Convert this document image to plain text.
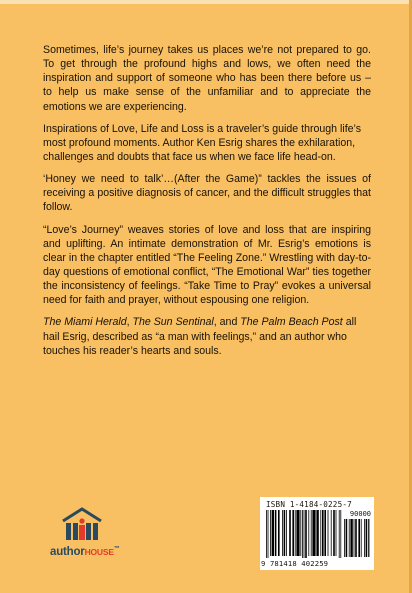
Sometimes, life’s journey takes us places we’re not prepared to go. To get through the profound highs and lows, we often need the inspiration and support of someone who has been there before us – to help us make sense of the unfamiliar and to appreciate the emotions we are experiencing.

Inspirations of Love, Life and Loss is a traveler’s guide through life’s most profound moments. Author Ken Esrig shares the exhilaration, challenges and doubts that face us when we face life head-on.

‘Honey we need to talk’…(After the Game)” tackles the issues of receiving a positive diagnosis of cancer, and the difficult struggles that follow.

“Love’s Journey” weaves stories of love and loss that are inspiring and uplifting. An intimate demonstration of Mr. Esrig’s emotions is clear in the chapter entitled “The Feeling Zone.” Wrestling with day-to-day questions of emotional conflict, “The Emotional War” ties together the inconsistency of feelings. “Take Time to Pray” evokes a universal need for faith and prayer, without espousing one religion.

The Miami Herald, The Sun Sentinal, and The Palm Beach Post all hail Esrig, described as “a man with feelings,” and an author who touches his reader’s hearts and souls.

authorHOUSE™
ISBN 1-4184-0225-7
90000
9 781418 402259
